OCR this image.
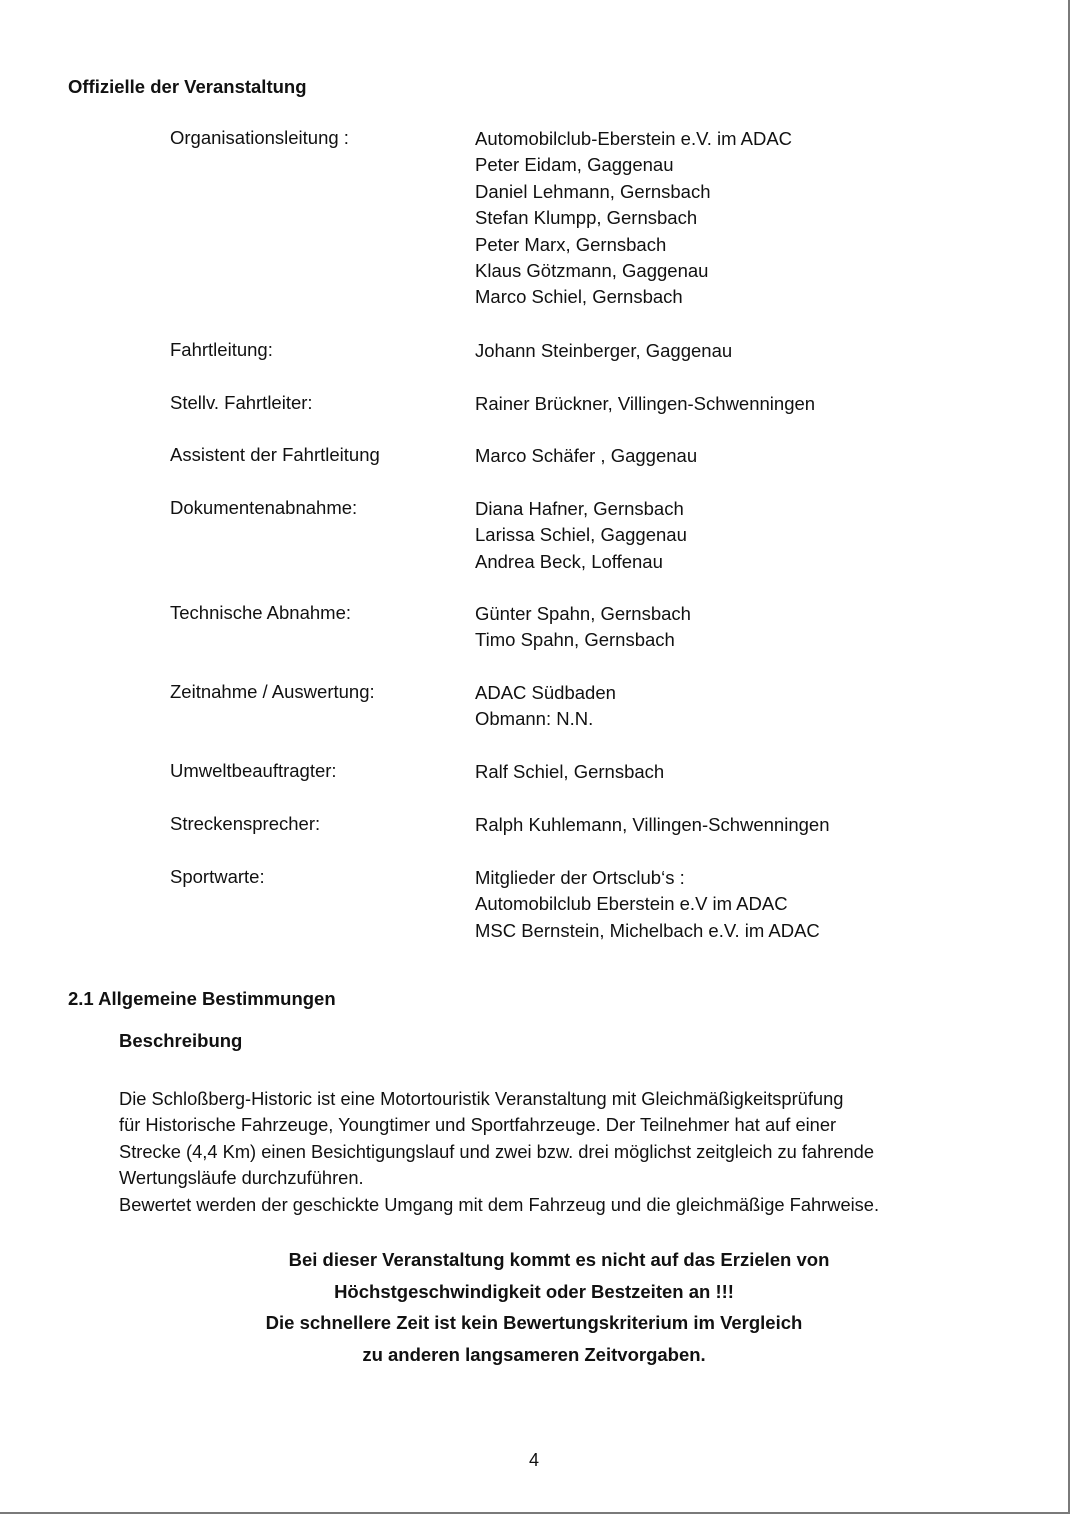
Offizielle der Veranstaltung
Organisationsleitung :	Automobilclub-Eberstein e.V. im ADAC
Peter Eidam, Gaggenau
Daniel Lehmann, Gernsbach
Stefan Klumpp, Gernsbach
Peter Marx, Gernsbach
Klaus Götzmann, Gaggenau
Marco Schiel, Gernsbach
Fahrtleitung:	Johann Steinberger, Gaggenau
Stellv. Fahrtleiter:	Rainer Brückner, Villingen-Schwenningen
Assistent der Fahrtleitung	Marco Schäfer , Gaggenau
Dokumentenabnahme:	Diana Hafner, Gernsbach
Larissa Schiel, Gaggenau
Andrea Beck, Loffenau
Technische Abnahme:	Günter Spahn, Gernsbach
Timo Spahn, Gernsbach
Zeitnahme / Auswertung:	ADAC Südbaden
Obmann: N.N.
Umweltbeauftragter:	Ralf Schiel, Gernsbach
Streckensprecher:	Ralph Kuhlemann, Villingen-Schwenningen
Sportwarte:	Mitglieder der Ortsclub‘s :
Automobilclub Eberstein e.V im ADAC
MSC Bernstein, Michelbach e.V. im ADAC
2.1 Allgemeine Bestimmungen
Beschreibung
Die Schloßberg-Historic ist eine Motortouristik Veranstaltung mit Gleichmäßigkeitsprüfung
für Historische Fahrzeuge, Youngtimer und Sportfahrzeuge. Der Teilnehmer hat auf einer
Strecke (4,4 Km) einen Besichtigungslauf und zwei bzw. drei möglichst zeitgleich zu fahrende
Wertungsläufe durchzuführen.
Bewertet werden der geschickte Umgang mit dem Fahrzeug und die gleichmäßige Fahrweise.
Bei dieser Veranstaltung kommt es nicht auf das Erzielen von
Höchstgeschwindigkeit oder Bestzeiten an !!!
Die schnellere Zeit ist kein Bewertungskriterium im Vergleich
zu anderen langsameren Zeitvorgaben.
4
